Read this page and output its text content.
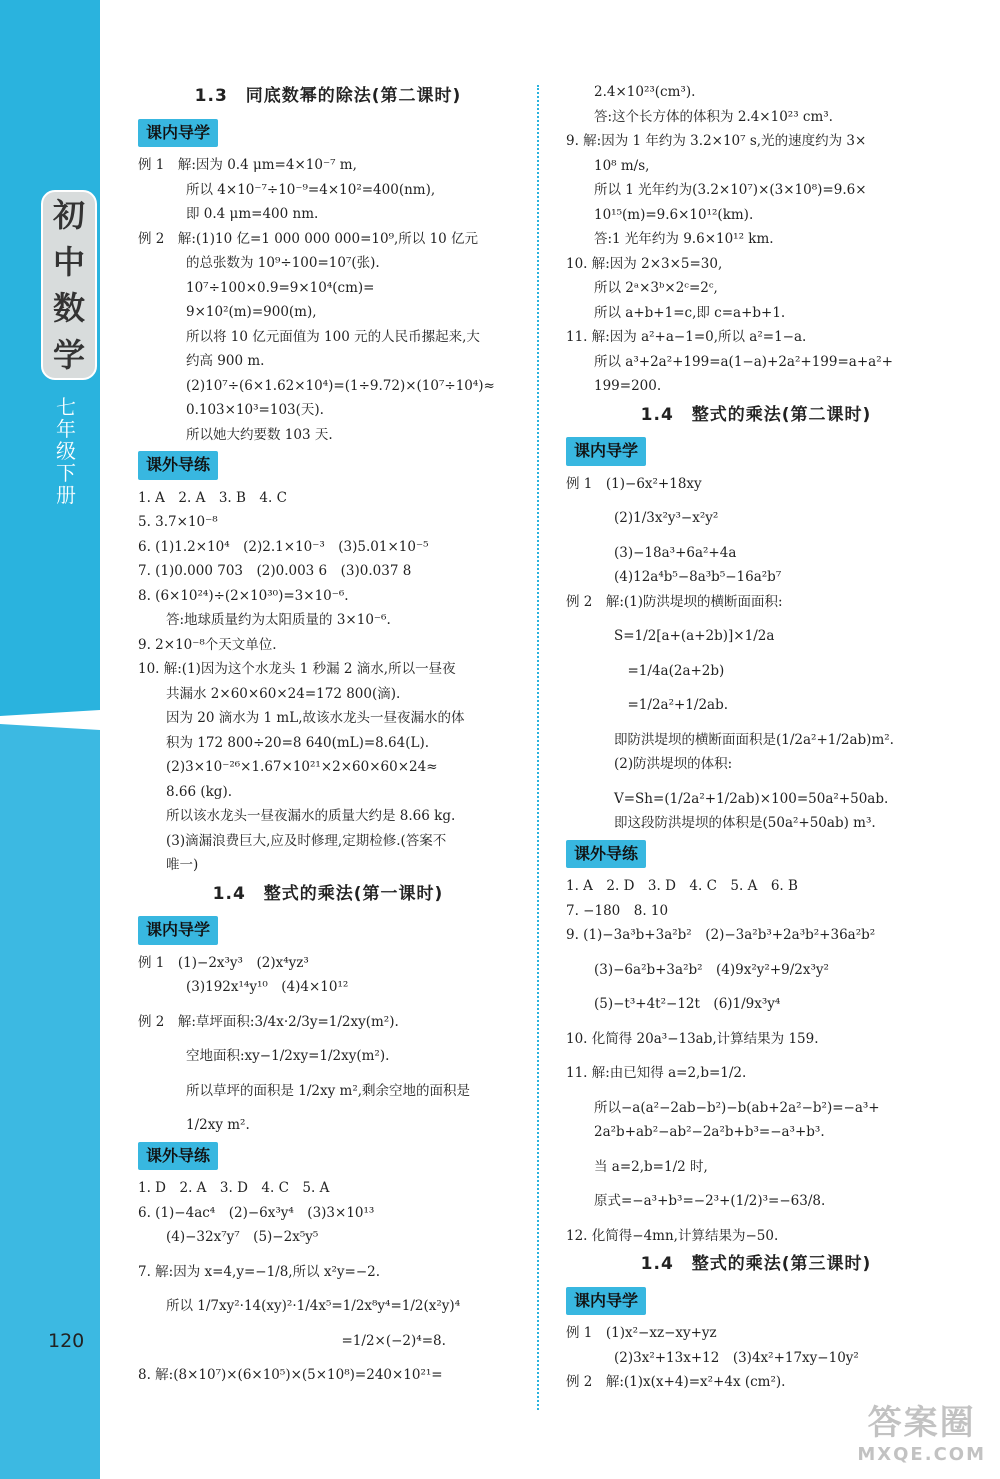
初
中
数
学
七
年
级
下
册
120
1.3　同底数幂的除法(第二课时)
课内导学

例 1　解:因为 0.4 μm=4×10⁻⁷ m,
所以 4×10⁻⁷÷10⁻⁹=4×10²=400(nm),
即 0.4 μm=400 nm.
例 2　解:(1)10 亿=1 000 000 000=10⁹,所以 10 亿元
的总张数为 10⁹÷100=10⁷(张).
10⁷÷100×0.9=9×10⁴(cm)=
9×10²(m)=900(m),
所以将 10 亿元面值为 100 元的人民币摞起来,大
约高 900 m.
(2)10⁷÷(6×1.62×10⁴)=(1÷9.72)×(10⁷÷10⁴)≈
0.103×10³=103(天).
所以她大约要数 103 天.
课外导练

1. A　2. A　3. B　4. C
5. 3.7×10⁻⁸
6. (1)1.2×10⁴　(2)2.1×10⁻³　(3)5.01×10⁻⁵
7. (1)0.000 703　(2)0.003 6　(3)0.037 8
8. (6×10²⁴)÷(2×10³⁰)=3×10⁻⁶.
答:地球质量约为太阳质量的 3×10⁻⁶.
9. 2×10⁻⁸个天文单位.
10. 解:(1)因为这个水龙头 1 秒漏 2 滴水,所以一昼夜
共漏水 2×60×60×24=172 800(滴).
因为 20 滴水为 1 mL,故该水龙头一昼夜漏水的体
积为 172 800÷20=8 640(mL)=8.64(L).
(2)3×10⁻²⁶×1.67×10²¹×2×60×60×24≈
8.66 (kg).
所以该水龙头一昼夜漏水的质量大约是 8.66 kg.
(3)滴漏浪费巨大,应及时修理,定期检修.(答案不
唯一)
1.4　整式的乘法(第一课时)
课内导学

例 1　(1)−2x³y³　(2)x⁴yz³
(3)192x¹⁴y¹⁰　(4)4×10¹²
例 2　解:草坪面积:3/4x·2/3y=1/2xy(m²).
空地面积:xy−1/2xy=1/2xy(m²).
所以草坪的面积是 1/2xy m²,剩余空地的面积是
1/2xy m².
课外导练

1. D　2. A　3. D　4. C　5. A
6. (1)−4ac⁴　(2)−6x³y⁴　(3)3×10¹³
(4)−32x⁷y⁷　(5)−2x⁵y⁵
7. 解:因为 x=4,y=−1/8,所以 x²y=−2.
所以 1/7xy²·14(xy)²·1/4x⁵=1/2x⁸y⁴=1/2(x²y)⁴
　　　　　　　　　　　　　=1/2×(−2)⁴=8.
8. 解:(8×10⁷)×(6×10⁵)×(5×10⁸)=240×10²¹=
2.4×10²³(cm³).
答:这个长方体的体积为 2.4×10²³ cm³.
9. 解:因为 1 年约为 3.2×10⁷ s,光的速度约为 3×
10⁸ m/s,
所以 1 光年约为(3.2×10⁷)×(3×10⁸)=9.6×
10¹⁵(m)=9.6×10¹²(km).
答:1 光年约为 9.6×10¹² km.
10. 解:因为 2×3×5=30,
所以 2ᵃ×3ᵇ×2ᶜ=2ᶜ,
所以 a+b+1=c,即 c=a+b+1.
11. 解:因为 a²+a−1=0,所以 a²=1−a.
所以 a³+2a²+199=a(1−a)+2a²+199=a+a²+
199=200.
1.4　整式的乘法(第二课时)
课内导学

例 1　(1)−6x²+18xy
(2)1/3x²y³−x²y²
(3)−18a³+6a²+4a
(4)12a⁴b⁵−8a³b⁵−16a²b⁷
例 2　解:(1)防洪堤坝的横断面面积:
S=1/2[a+(a+2b)]×1/2a
　=1/4a(2a+2b)
　=1/2a²+1/2ab.
即防洪堤坝的横断面面积是(1/2a²+1/2ab)m².
(2)防洪堤坝的体积:
V=Sh=(1/2a²+1/2ab)×100=50a²+50ab.
即这段防洪堤坝的体积是(50a²+50ab) m³.
课外导练

1. A　2. D　3. D　4. C　5. A　6. B
7. −180　8. 10
9. (1)−3a³b+3a²b²　(2)−3a²b³+2a³b²+36a²b²
(3)−6a²b+3a²b²　(4)9x²y²+9/2x³y²
(5)−t³+4t²−12t　(6)1/9x³y⁴
10. 化简得 20a³−13ab,计算结果为 159.
11. 解:由已知得 a=2,b=1/2.
所以−a(a²−2ab−b²)−b(ab+2a²−b²)=−a³+
2a²b+ab²−ab²−2a²b+b³=−a³+b³.
当 a=2,b=1/2 时,
原式=−a³+b³=−2³+(1/2)³=−63/8.
12. 化简得−4mn,计算结果为−50.
1.4　整式的乘法(第三课时)
课内导学

例 1　(1)x²−xz−xy+yz
(2)3x²+13x+12　(3)4x²+17xy−10y²
例 2　解:(1)x(x+4)=x²+4x (cm²).
答案圈
MXQE.COM
